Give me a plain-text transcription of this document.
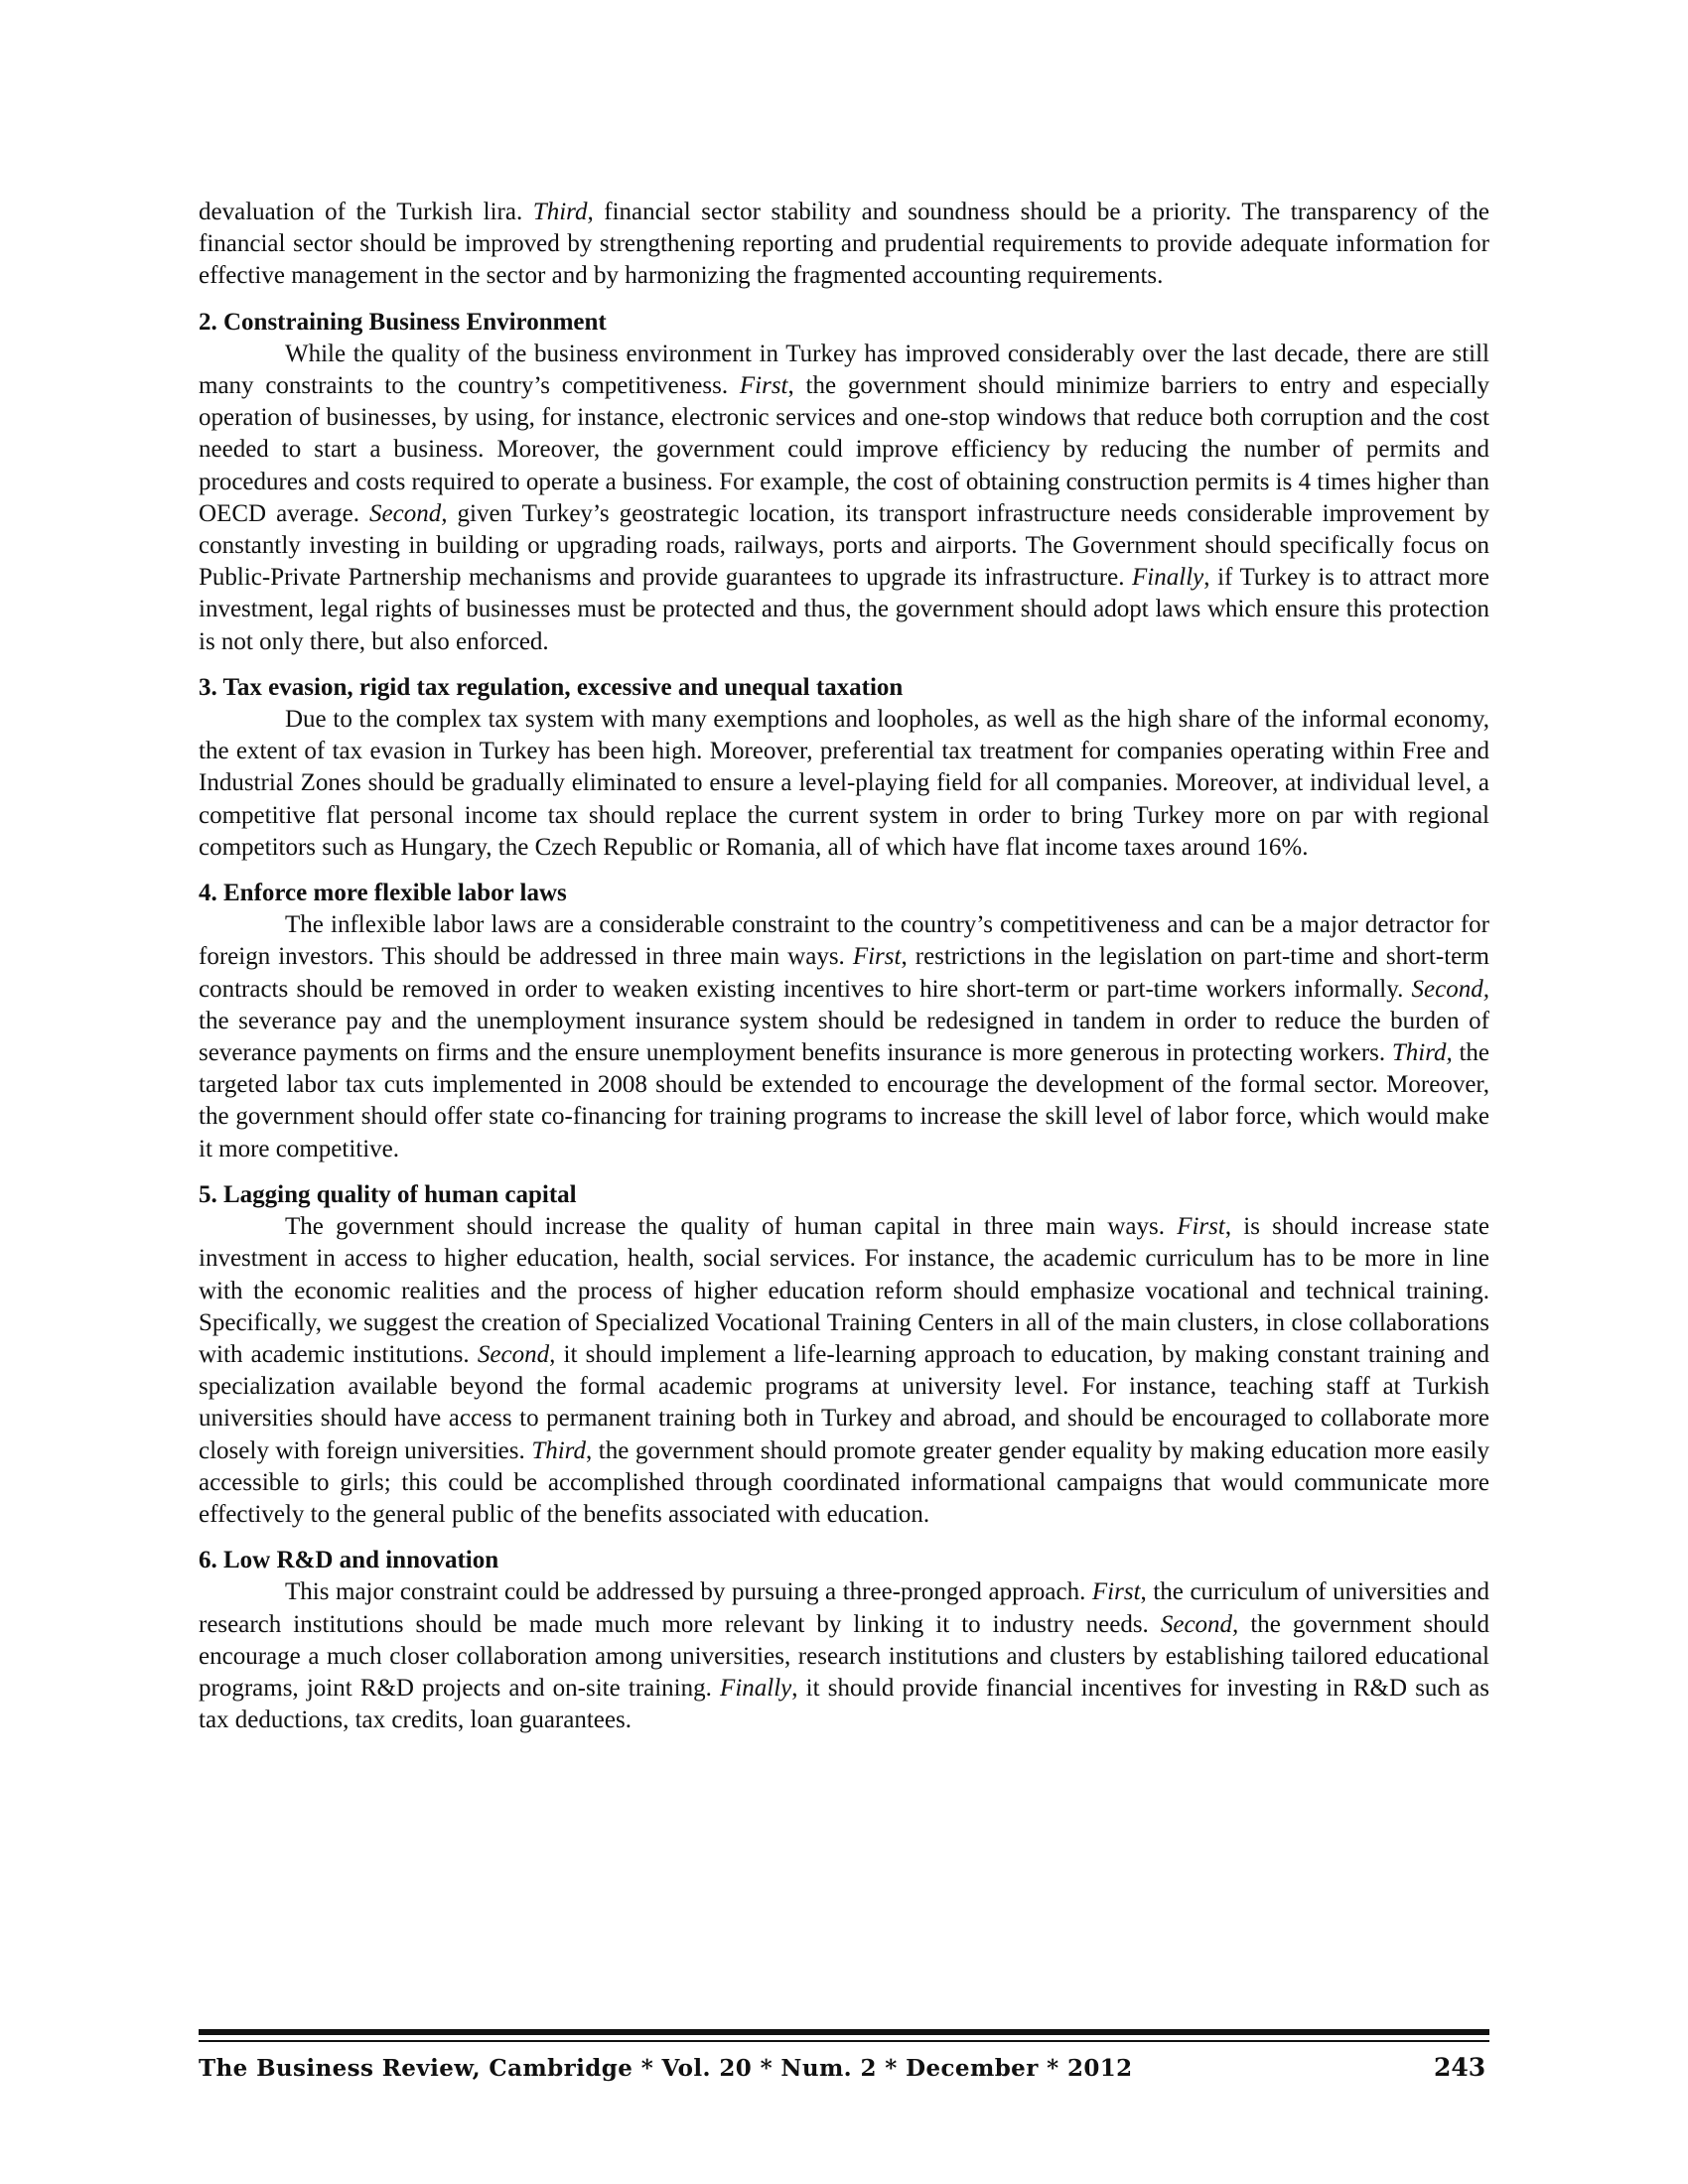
devaluation of the Turkish lira. Third, financial sector stability and soundness should be a priority. The transparency of the financial sector should be improved by strengthening reporting and prudential requirements to provide adequate information for effective management in the sector and by harmonizing the fragmented accounting requirements.

2. Constraining Business Environment

While the quality of the business environment in Turkey has improved considerably over the last decade, there are still many constraints to the country’s competitiveness. First, the government should minimize barriers to entry and especially operation of businesses, by using, for instance, electronic services and one-stop windows that reduce both corruption and the cost needed to start a business. Moreover, the government could improve efficiency by reducing the number of permits and procedures and costs required to operate a business. For example, the cost of obtaining construction permits is 4 times higher than OECD average. Second, given Turkey’s geostrategic location, its transport infrastructure needs considerable improvement by constantly investing in building or upgrading roads, railways, ports and airports. The Government should specifically focus on Public-Private Partnership mechanisms and provide guarantees to upgrade its infrastructure. Finally, if Turkey is to attract more investment, legal rights of businesses must be protected and thus, the government should adopt laws which ensure this protection is not only there, but also enforced.

3. Tax evasion, rigid tax regulation, excessive and unequal taxation

Due to the complex tax system with many exemptions and loopholes, as well as the high share of the informal economy, the extent of tax evasion in Turkey has been high. Moreover, preferential tax treatment for companies operating within Free and Industrial Zones should be gradually eliminated to ensure a level-playing field for all companies. Moreover, at individual level, a competitive flat personal income tax should replace the current system in order to bring Turkey more on par with regional competitors such as Hungary, the Czech Republic or Romania, all of which have flat income taxes around 16%.

4. Enforce more flexible labor laws

The inflexible labor laws are a considerable constraint to the country’s competitiveness and can be a major detractor for foreign investors. This should be addressed in three main ways. First, restrictions in the legislation on part-time and short-term contracts should be removed in order to weaken existing incentives to hire short-term or part-time workers informally. Second, the severance pay and the unemployment insurance system should be redesigned in tandem in order to reduce the burden of severance payments on firms and the ensure unemployment benefits insurance is more generous in protecting workers. Third, the targeted labor tax cuts implemented in 2008 should be extended to encourage the development of the formal sector. Moreover, the government should offer state co-financing for training programs to increase the skill level of labor force, which would make it more competitive.

5. Lagging quality of human capital

The government should increase the quality of human capital in three main ways. First, is should increase state investment in access to higher education, health, social services. For instance, the academic curriculum has to be more in line with the economic realities and the process of higher education reform should emphasize vocational and technical training. Specifically, we suggest the creation of Specialized Vocational Training Centers in all of the main clusters, in close collaborations with academic institutions. Second, it should implement a life-learning approach to education, by making constant training and specialization available beyond the formal academic programs at university level. For instance, teaching staff at Turkish universities should have access to permanent training both in Turkey and abroad, and should be encouraged to collaborate more closely with foreign universities. Third, the government should promote greater gender equality by making education more easily accessible to girls; this could be accomplished through coordinated informational campaigns that would communicate more effectively to the general public of the benefits associated with education.

6. Low R&D and innovation

This major constraint could be addressed by pursuing a three-pronged approach. First, the curriculum of universities and research institutions should be made much more relevant by linking it to industry needs. Second, the government should encourage a much closer collaboration among universities, research institutions and clusters by establishing tailored educational programs, joint R&D projects and on-site training. Finally, it should provide financial incentives for investing in R&D such as tax deductions, tax credits, loan guarantees.

The Business Review, Cambridge * Vol. 20 * Num. 2 * December * 2012	243
